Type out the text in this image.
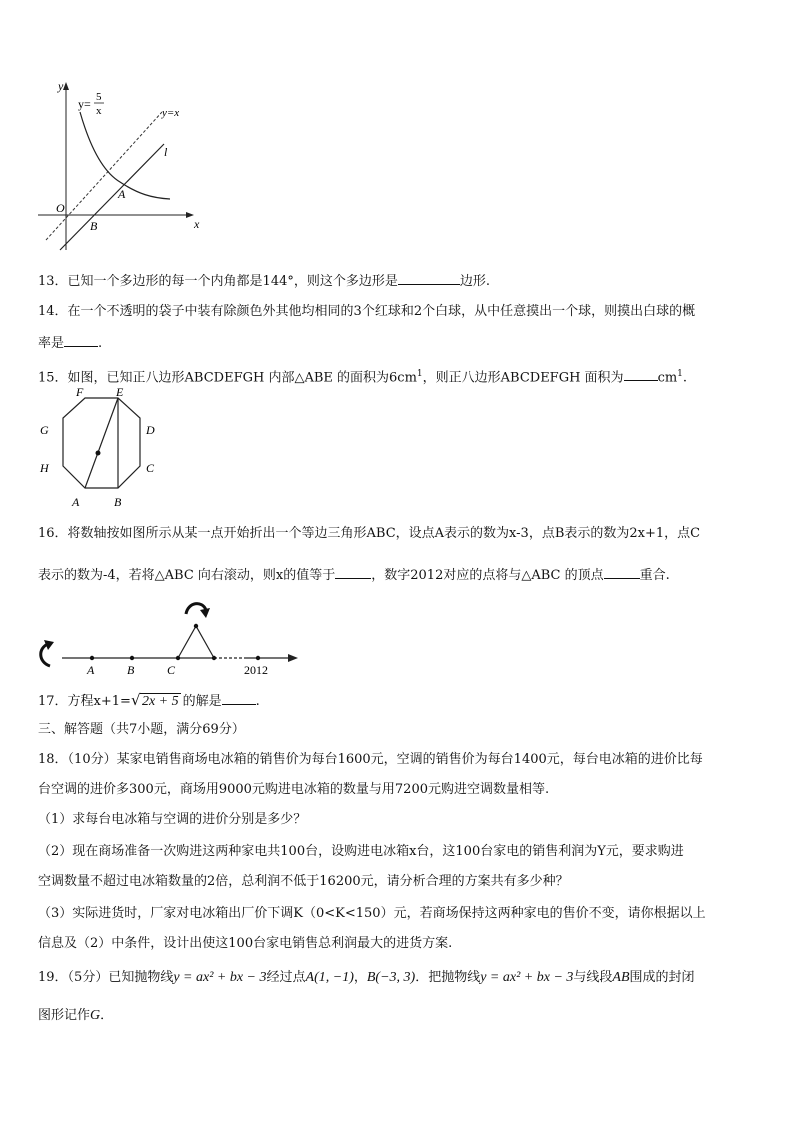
y
x
O
y= 5
x	y=x
l
A
B
13．已知一个多边形的每一个内角都是144°，则这个多边形是	边形.
14．在一个不透明的袋子中装有除颜色外其他均相同的3个红球和2个白球，从中任意摸出一个球，则摸出白球的概
率是	.
15．如图，已知正八边形ABCDEFGH 内部△ABE 的面积为$6cm^1$，则正八边形ABCDEFGH 面积为	$cm^1$.
F	E
G	D
H	C
A	B
16．将数轴按如图所示从某一点开始折出一个等边三角形ABC，设点A表示的数为x-3，点B表示的数为2x+1，点C
表示的数为-4，若将△ABC 向右滚动，则x的值等于	，数字2012对应的点将与△ABC 的顶点	重合.
A	B	C	2012
17．方程x+1= √ 2x + 5 的解是	.
三、解答题（共7小题，满分69分）
18．（10分）某家电销售商场电冰箱的销售价为每台1600元，空调的销售价为每台1400元，每台电冰箱的进价比每
台空调的进价多300元，商场用9000元购进电冰箱的数量与用7200元购进空调数量相等.
（1）求每台电冰箱与空调的进价分别是多少？
（2）现在商场准备一次购进这两种家电共100台，设购进电冰箱x台，这100台家电的销售利润为Y元，要求购进
空调数量不超过电冰箱数量的2倍，总利润不低于16200元，请分析合理的方案共有多少种？
（3）实际进货时，厂家对电冰箱出厂价下调K（0<K<150）元，若商场保持这两种家电的售价不变，请你根据以上
信息及（2）中条件，设计出使这100台家电销售总利润最大的进货方案.
19．（5分）已知抛物线y = ax² + bx − 3经过点A(1, −1)，B(−3, 3)．把抛物线y = ax² + bx − 3与线段AB围成的封闭
图形记作G．
